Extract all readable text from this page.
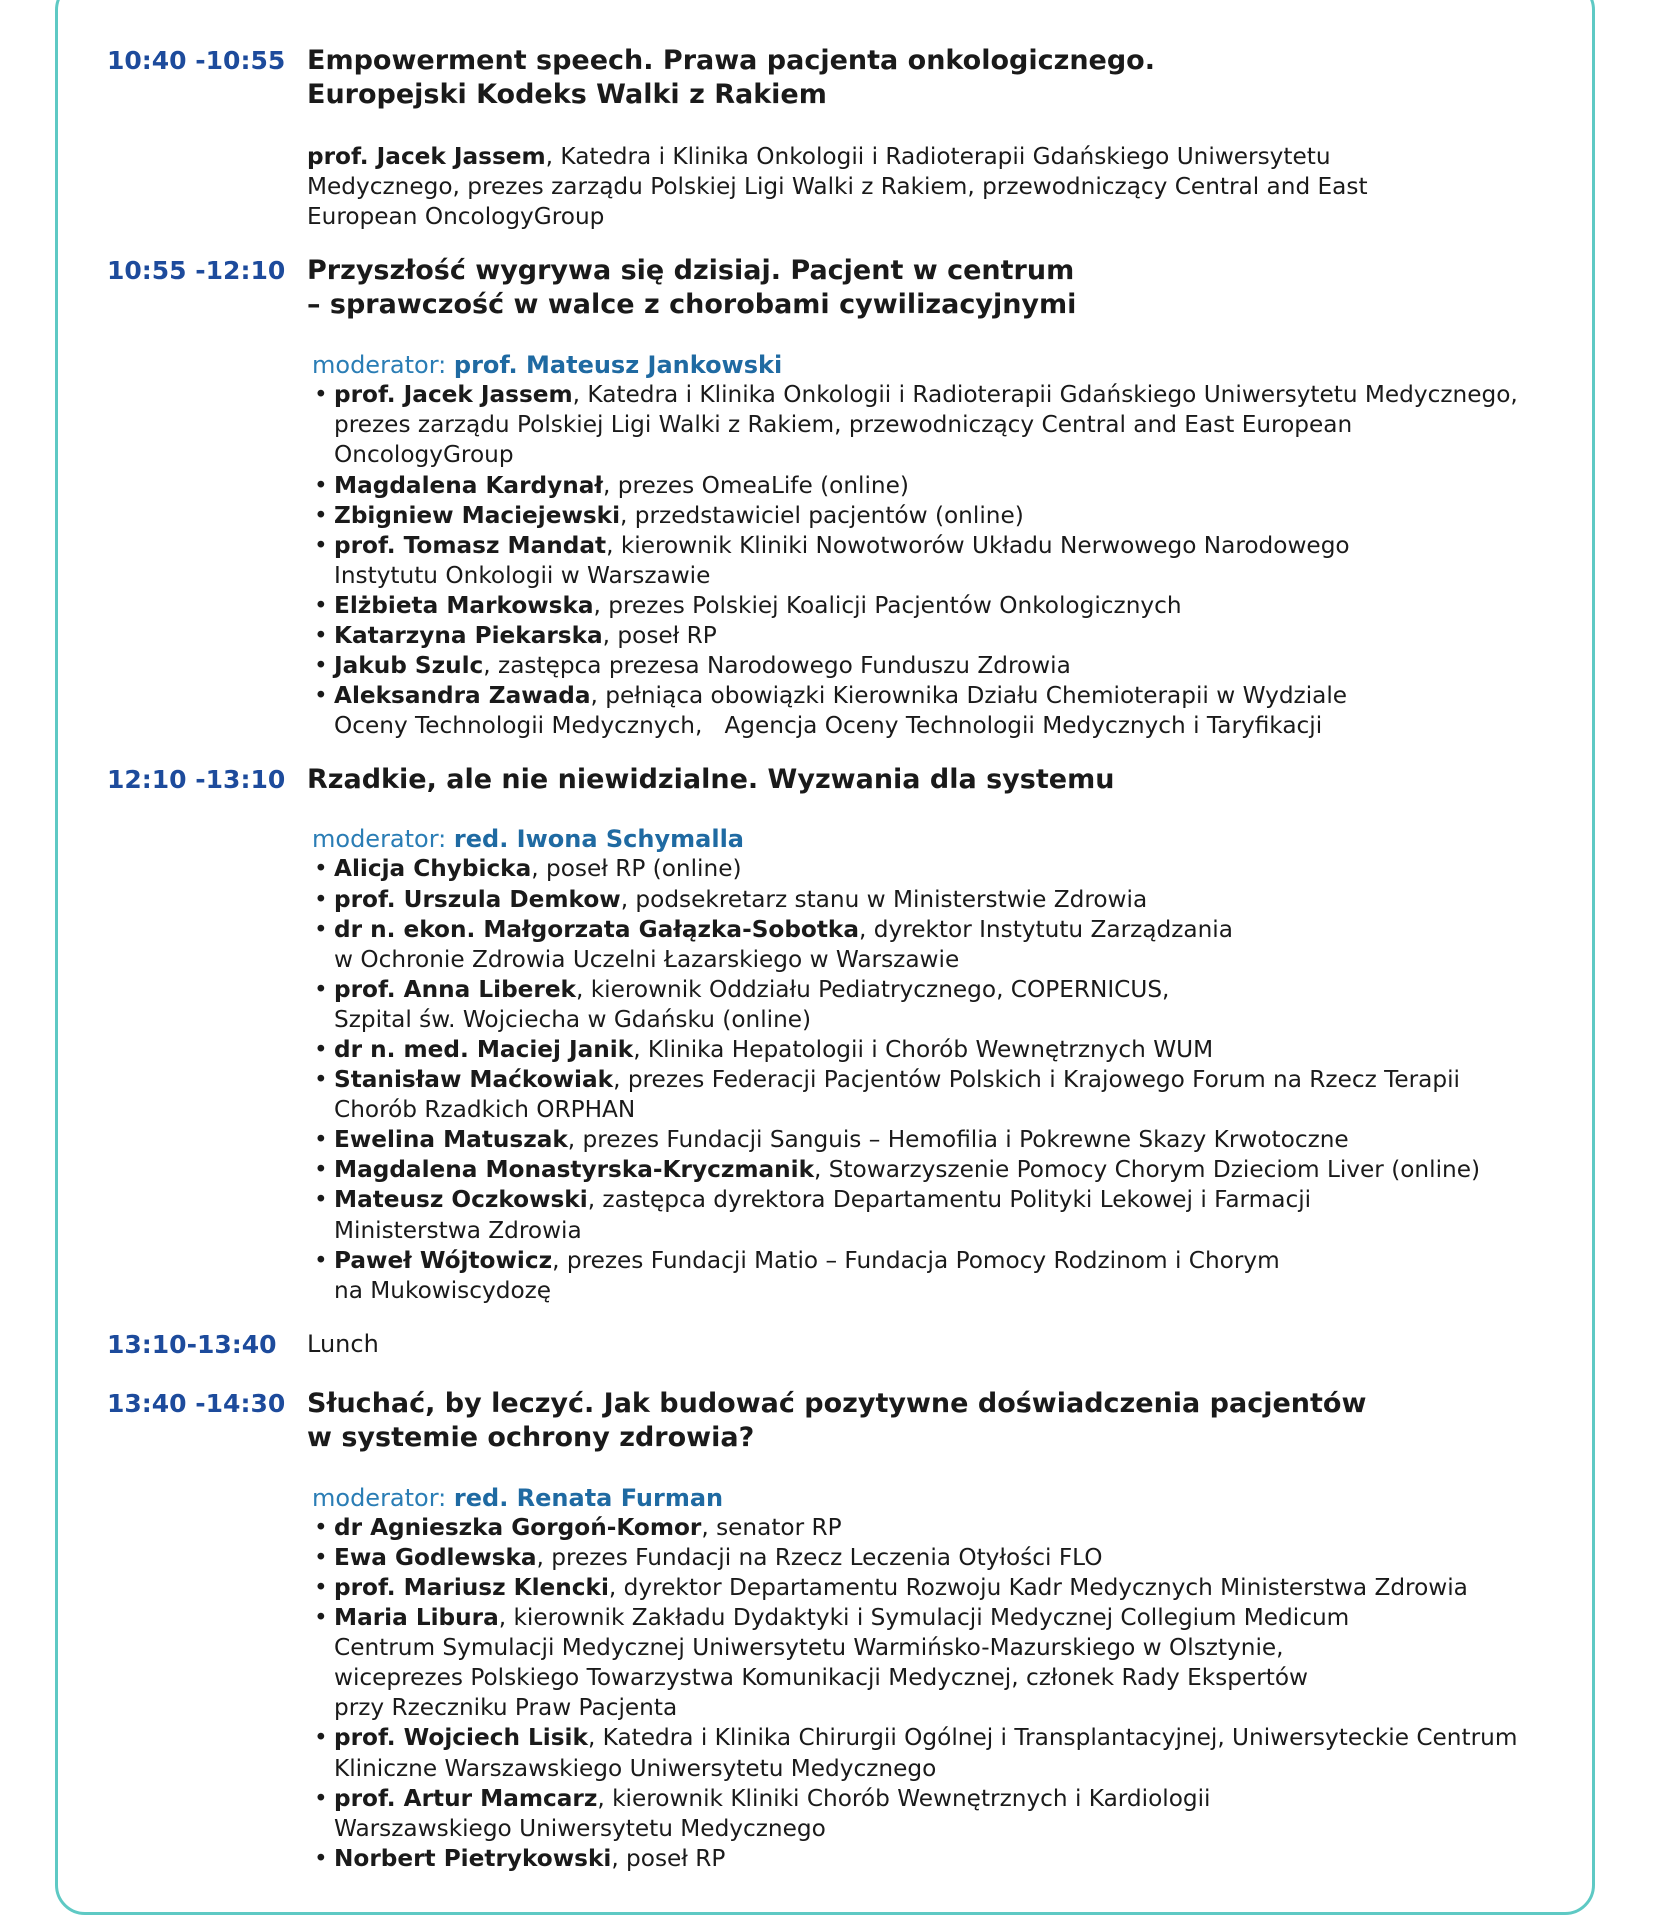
10:40 -10:55 Empowerment speech. Prawa pacjenta onkologicznego.
Europejski Kodeks Walki z Rakiem
prof. Jacek Jassem, Katedra i Klinika Onkologii i Radioterapii Gdańskiego Uniwersytetu
Medycznego, prezes zarządu Polskiej Ligi Walki z Rakiem, przewodniczący Central and East
European OncologyGroup
10:55 -12:10 Przyszłość wygrywa się dzisiaj. Pacjent w centrum
– sprawczość w walce z chorobami cywilizacyjnymi
moderator: prof. Mateusz Jankowski
• prof. Jacek Jassem, Katedra i Klinika Onkologii i Radioterapii Gdańskiego Uniwersytetu Medycznego,
prezes zarządu Polskiej Ligi Walki z Rakiem, przewodniczący Central and East European
OncologyGroup
• Magdalena Kardynał, prezes OmeaLife (online)
• Zbigniew Maciejewski, przedstawiciel pacjentów (online)
• prof. Tomasz Mandat, kierownik Kliniki Nowotworów Układu Nerwowego Narodowego
Instytutu Onkologii w Warszawie
• Elżbieta Markowska, prezes Polskiej Koalicji Pacjentów Onkologicznych
• Katarzyna Piekarska, poseł RP
• Jakub Szulc, zastępca prezesa Narodowego Funduszu Zdrowia
• Aleksandra Zawada, pełniąca obowiązki Kierownika Działu Chemioterapii w Wydziale
Oceny Technologii Medycznych,   Agencja Oceny Technologii Medycznych i Taryfikacji
12:10 -13:10 Rzadkie, ale nie niewidzialne. Wyzwania dla systemu
moderator: red. Iwona Schymalla
• Alicja Chybicka, poseł RP (online)
• prof. Urszula Demkow, podsekretarz stanu w Ministerstwie Zdrowia
• dr n. ekon. Małgorzata Gałązka-Sobotka, dyrektor Instytutu Zarządzania
w Ochronie Zdrowia Uczelni Łazarskiego w Warszawie
• prof. Anna Liberek, kierownik Oddziału Pediatrycznego, COPERNICUS,
Szpital św. Wojciecha w Gdańsku (online)
• dr n. med. Maciej Janik, Klinika Hepatologii i Chorób Wewnętrznych WUM
• Stanisław Maćkowiak, prezes Federacji Pacjentów Polskich i Krajowego Forum na Rzecz Terapii
Chorób Rzadkich ORPHAN
• Ewelina Matuszak, prezes Fundacji Sanguis – Hemofilia i Pokrewne Skazy Krwotoczne
• Magdalena Monastyrska-Kryczmanik, Stowarzyszenie Pomocy Chorym Dzieciom Liver (online)
• Mateusz Oczkowski, zastępca dyrektora Departamentu Polityki Lekowej i Farmacji
Ministerstwa Zdrowia
• Paweł Wójtowicz, prezes Fundacji Matio – Fundacja Pomocy Rodzinom i Chorym
na Mukowiscydozę
13:10-13:40	Lunch
13:40 -14:30 Słuchać, by leczyć. Jak budować pozytywne doświadczenia pacjentów
w systemie ochrony zdrowia?
moderator: red. Renata Furman
• dr Agnieszka Gorgoń-Komor, senator RP
• Ewa Godlewska, prezes Fundacji na Rzecz Leczenia Otyłości FLO
• prof. Mariusz Klencki, dyrektor Departamentu Rozwoju Kadr Medycznych Ministerstwa Zdrowia
• Maria Libura, kierownik Zakładu Dydaktyki i Symulacji Medycznej Collegium Medicum
Centrum Symulacji Medycznej Uniwersytetu Warmińsko-Mazurskiego w Olsztynie,
wiceprezes Polskiego Towarzystwa Komunikacji Medycznej, członek Rady Ekspertów
przy Rzeczniku Praw Pacjenta
• prof. Wojciech Lisik, Katedra i Klinika Chirurgii Ogólnej i Transplantacyjnej, Uniwersyteckie Centrum
Kliniczne Warszawskiego Uniwersytetu Medycznego
• prof. Artur Mamcarz, kierownik Kliniki Chorób Wewnętrznych i Kardiologii
Warszawskiego Uniwersytetu Medycznego
• Norbert Pietrykowski, poseł RP
